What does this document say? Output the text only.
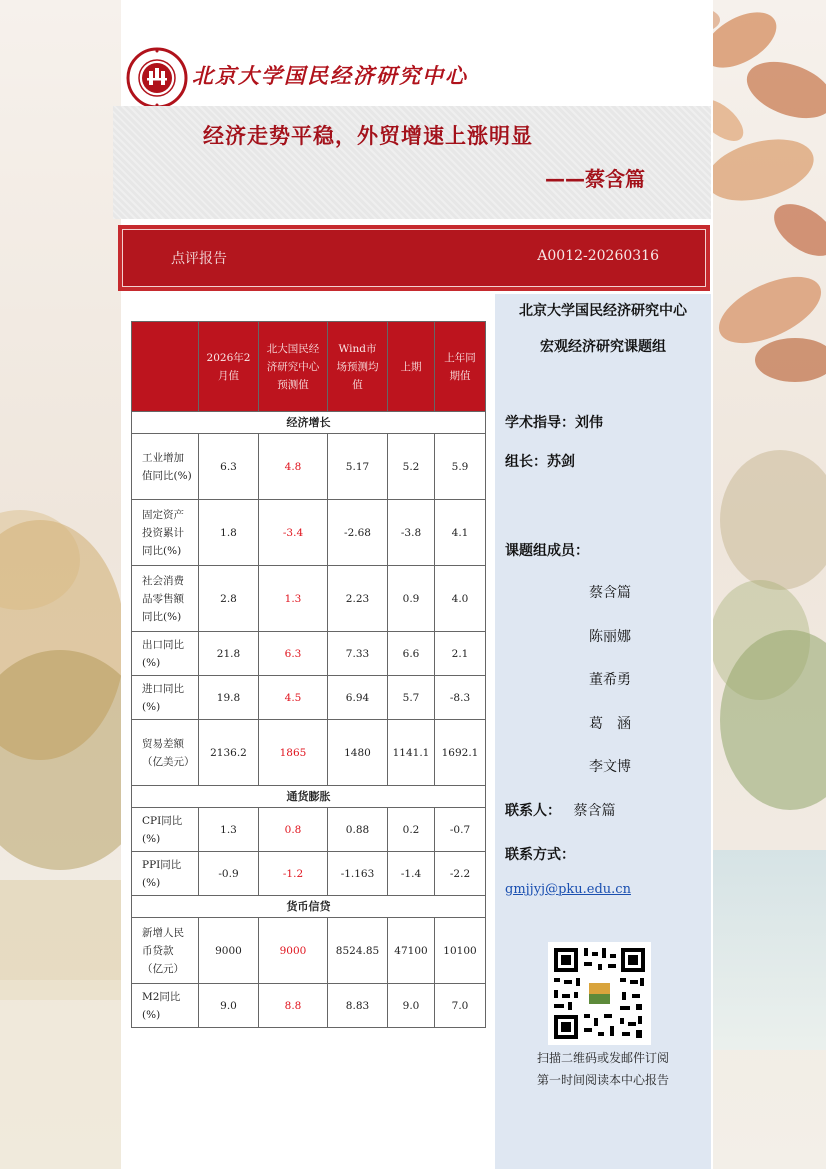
北京大学国民经济研究中心
经济走势平稳，外贸增速上涨明显
——蔡含篇
点评报告	A0012-20260316
北京大学国民经济研究中心
宏观经济研究课题组
学术指导：刘伟
组长：苏剑
课题组成员：
蔡含篇
陈丽娜
董希勇
葛　涵
李文博
联系人： 蔡含篇
联系方式：
gmjjyj@pku.edu.cn
扫描二维码或发邮件订阅
第一时间阅读本中心报告
	2026年2月值	北大国民经济研究中心预测值	Wind市场预测均值	上期	上年同期值
经济增长					
工业增加值同比(%)	6.3	4.8	5.17	5.2	5.9
固定资产投资累计同比(%)	1.8	-3.4	-2.68	-3.8	4.1
社会消费品零售额同比(%)	2.8	1.3	2.23	0.9	4.0
出口同比(%)	21.8	6.3	7.33	6.6	2.1
进口同比(%)	19.8	4.5	6.94	5.7	-8.3
贸易差额（亿美元）	2136.2	1865	1480	1141.1	1692.1
通货膨胀					
CPI同比(%)	1.3	0.8	0.88	0.2	-0.7
PPI同比(%)	-0.9	-1.2	-1.163	-1.4	-2.2
货币信贷					
新增人民币贷款（亿元）	9000	9000	8524.85	47100	10100
M2同比(%)	9.0	8.8	8.83	9.0	7.0
